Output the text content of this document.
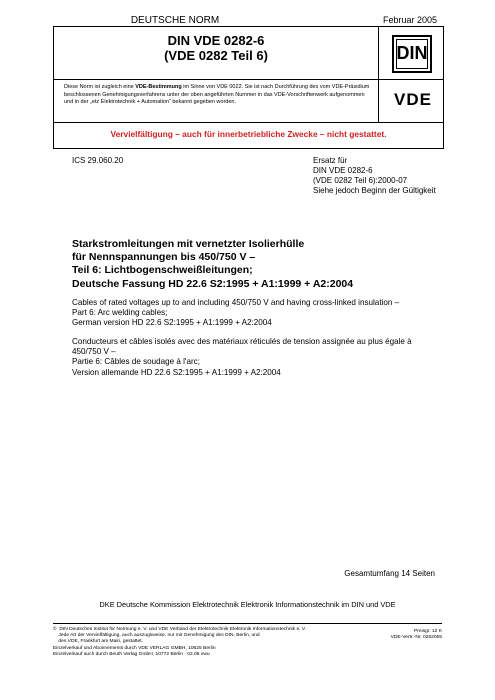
DEUTSCHE NORM	Februar 2005
DIN VDE 0282-6
(VDE 0282 Teil 6)	DIN
Diese Norm ist zugleich eine VDE-Bestimmung im Sinne von VDE 0022. Sie ist nach Durchführung des vom VDE-Präsidium beschlossenen Genehmigungsverfahrens unter der oben angeführten Nummer in das VDE-Vorschriftenwerk aufgenommen und in der „etz Elektrotechnik + Automation“ bekannt gegeben worden.	VDE
Vervielfältigung – auch für innerbetriebliche Zwecke – nicht gestattet.
ICS 29.060.20	Ersatz für
DIN VDE 0282-6
(VDE 0282 Teil 6):2000-07
Siehe jedoch Beginn der Gültigkeit
Starkstromleitungen mit vernetzter Isolierhülle
für Nennspannungen bis 450/750 V –
Teil 6: Lichtbogenschweißleitungen;
Deutsche Fassung HD 22.6 S2:1995 + A1:1999 + A2:2004
Cables of rated voltages up to and including 450/750 V and having cross-linked insulation –
Part 6: Arc welding cables;
German version HD 22.6 S2:1995 + A1:1999 + A2:2004
Conducteurs et câbles isolés avec des matériaux réticulés de tension assignée au plus égale à
450/750 V –
Partie 6: Câbles de soudage à l'arc;
Version allemande HD 22.6 S2:1995 + A1:1999 + A2:2004
Gesamtumfang 14 Seiten
DKE Deutsche Kommission Elektrotechnik Elektronik Informationstechnik im DIN und VDE
©  DIN Deutsches Institut für Normung e. V. und VDE Verband der Elektrotechnik Elektronik Informationstechnik e. V.
Jede Art der Vervielfältigung, auch auszugsweise, nur mit Genehmigung des DIN, Berlin, und
des VDE, Frankfurt am Main, gestattet.
Preisgr. 12 K
VDE-Vertr.-Nr. 0282055
Einzelverkauf und Abonnements durch VDE VERLAG GMBH, 10625 Berlin
Einzelverkauf auch durch Beuth Verlag GmbH, 10772 Berlin · 02.05 vwu
